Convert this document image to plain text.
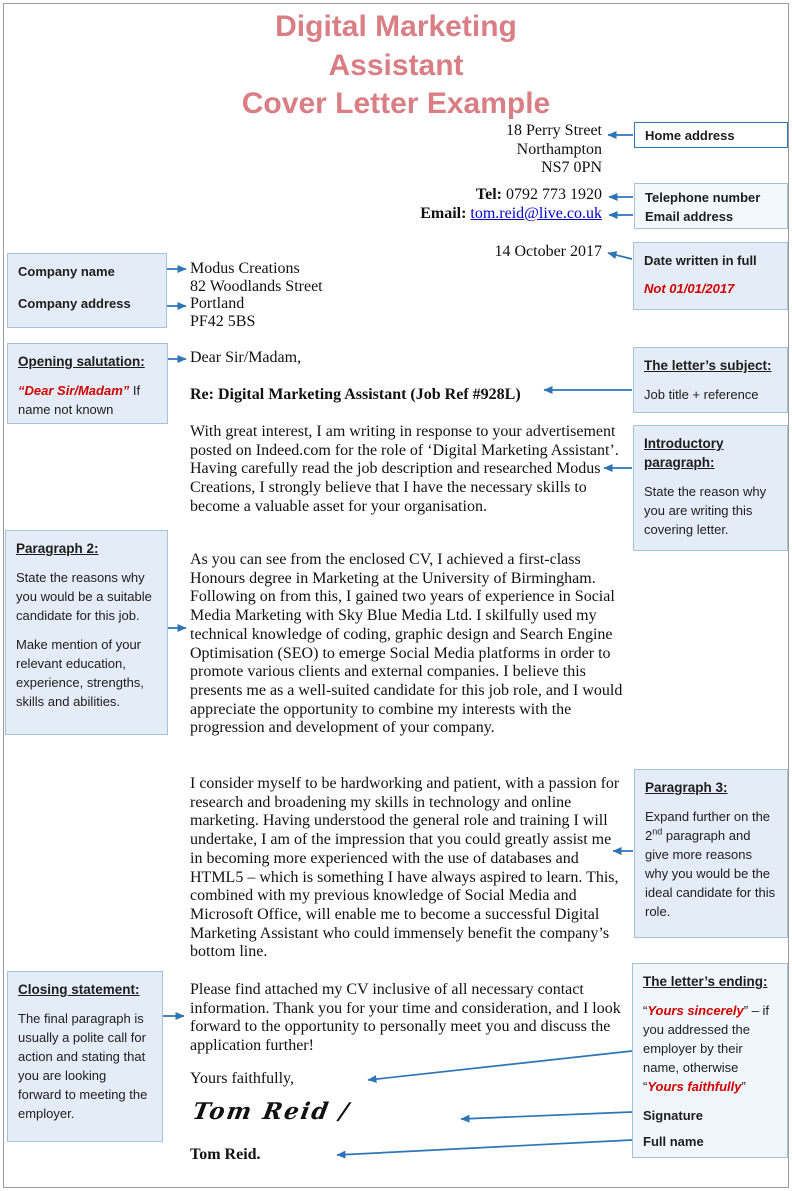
Digital Marketing
Assistant
Cover Letter Example
18 Perry Street
Northampton
NS7 0PN
Tel: 0792 773 1920
Email: tom.reid@live.co.uk
14 October 2017
Modus Creations
82 Woodlands Street
Portland
PF42 5BS
Dear Sir/Madam,
Re: Digital Marketing Assistant (Job Ref #928L)
With great interest, I am writing in response to your advertisement posted on Indeed.com for the role of ‘Digital Marketing Assistant’. Having carefully read the job description and researched Modus Creations, I strongly believe that I have the necessary skills to become a valuable asset for your organisation.
As you can see from the enclosed CV, I achieved a first-class Honours degree in Marketing at the University of Birmingham. Following on from this, I gained two years of experience in Social Media Marketing with Sky Blue Media Ltd. I skilfully used my technical knowledge of coding, graphic design and Search Engine Optimisation (SEO) to emerge Social Media platforms in order to promote various clients and external companies. I believe this presents me as a well-suited candidate for this job role, and I would appreciate the opportunity to combine my interests with the progression and development of your company.
I consider myself to be hardworking and patient, with a passion for research and broadening my skills in technology and online marketing. Having understood the general role and training I will undertake, I am of the impression that you could greatly assist me in becoming more experienced with the use of databases and HTML5 – which is something I have always aspired to learn. This, combined with my previous knowledge of Social Media and Microsoft Office, will enable me to become a successful Digital Marketing Assistant who could immensely benefit the company’s bottom line.
Please find attached my CV inclusive of all necessary contact information. Thank you for your time and consideration, and I look forward to the opportunity to personally meet you and discuss the application further!
Yours faithfully,
Tom Reid /
Tom Reid.
Home address
Telephone number
Email address
Date written in full
Not 01/01/2017
The letter’s subject:
Job title + reference
Introductory paragraph:
State the reason why you are writing this covering letter.
Paragraph 3:
Expand further on the 2nd paragraph and give more reasons why you would be the ideal candidate for this role.
The letter’s ending:
“Yours sincerely” – if you addressed the employer by their name, otherwise “Yours faithfully”
Signature
Full name
Company name
Company address
Opening salutation:
“Dear Sir/Madam” If name not known
Paragraph 2:
State the reasons why you would be a suitable candidate for this job.
Make mention of your relevant education, experience, strengths, skills and abilities.
Closing statement:
The final paragraph is usually a polite call for action and stating that you are looking forward to meeting the employer.
